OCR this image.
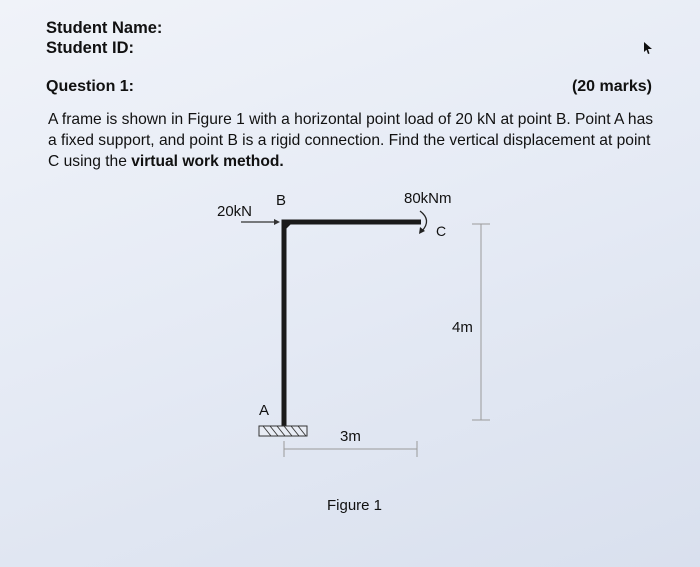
Student Name:
Student ID:
Question 1:	(20 marks)

A frame is shown in Figure 1 with a horizontal point load of 20 kN at point B. Point A has a fixed support, and point B is a rigid connection. Find the vertical displacement at point C using the virtual work method.

20kN
B
A
C
80kNm
4m
3m
Figure 1
